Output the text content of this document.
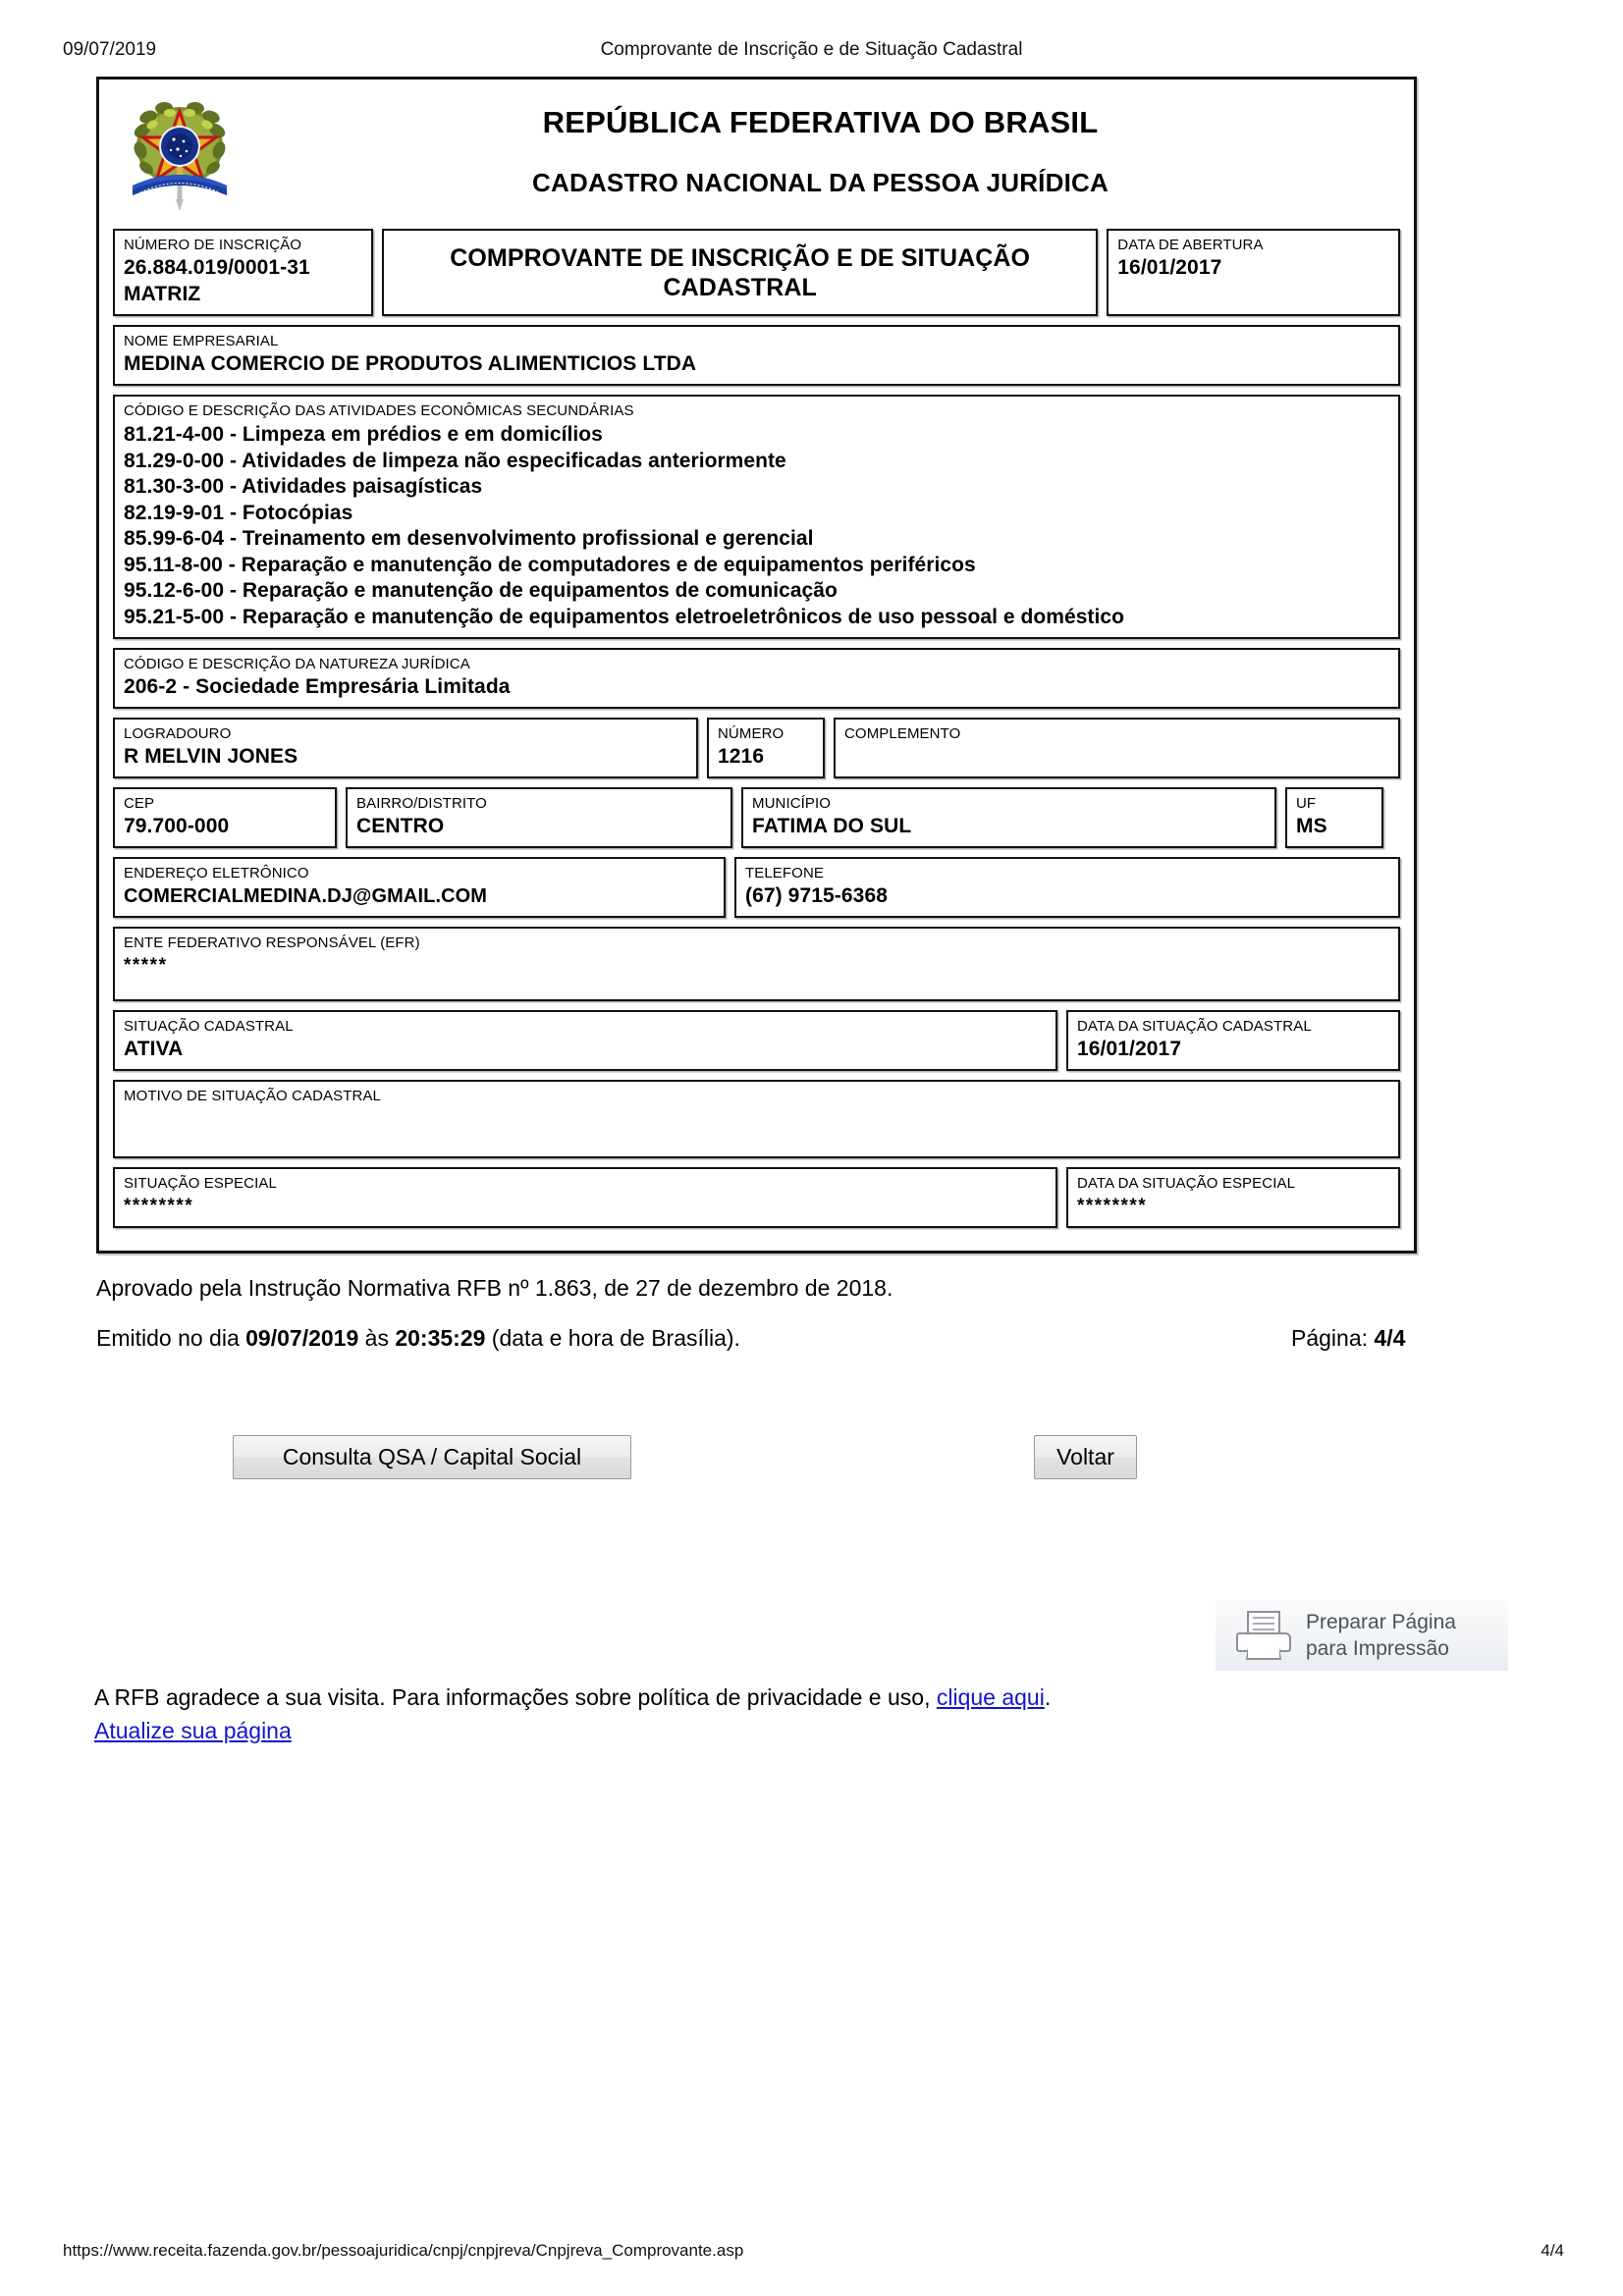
09/07/2019	Comprovante de Inscrição e de Situação Cadastral
REPÚBLICA FEDERATIVA DO BRASIL
CADASTRO NACIONAL DA PESSOA JURÍDICA
NÚMERO DE INSCRIÇÃO
26.884.019/0001-31
MATRIZ
COMPROVANTE DE INSCRIÇÃO E DE SITUAÇÃO CADASTRAL
DATA DE ABERTURA
16/01/2017
NOME EMPRESARIAL
MEDINA COMERCIO DE PRODUTOS ALIMENTICIOS LTDA
CÓDIGO E DESCRIÇÃO DAS ATIVIDADES ECONÔMICAS SECUNDÁRIAS
81.21-4-00 - Limpeza em prédios e em domicílios
81.29-0-00 - Atividades de limpeza não especificadas anteriormente
81.30-3-00 - Atividades paisagísticas
82.19-9-01 - Fotocópias
85.99-6-04 - Treinamento em desenvolvimento profissional e gerencial
95.11-8-00 - Reparação e manutenção de computadores e de equipamentos periféricos
95.12-6-00 - Reparação e manutenção de equipamentos de comunicação
95.21-5-00 - Reparação e manutenção de equipamentos eletroeletrônicos de uso pessoal e doméstico
CÓDIGO E DESCRIÇÃO DA NATUREZA JURÍDICA
206-2 - Sociedade Empresária Limitada
LOGRADOURO
R MELVIN JONES
NÚMERO
1216
COMPLEMENTO
CEP
79.700-000
BAIRRO/DISTRITO
CENTRO
MUNICÍPIO
FATIMA DO SUL
UF
MS
ENDEREÇO ELETRÔNICO
COMERCIALMEDINA.DJ@GMAIL.COM
TELEFONE
(67) 9715-6368
ENTE FEDERATIVO RESPONSÁVEL (EFR)
*****
SITUAÇÃO CADASTRAL
ATIVA
DATA DA SITUAÇÃO CADASTRAL
16/01/2017
MOTIVO DE SITUAÇÃO CADASTRAL
SITUAÇÃO ESPECIAL
********
DATA DA SITUAÇÃO ESPECIAL
********
Aprovado pela Instrução Normativa RFB nº 1.863, de 27 de dezembro de 2018.
Emitido no dia 09/07/2019 às 20:35:29 (data e hora de Brasília).	Página: 4/4
Consulta QSA / Capital Social	Voltar
Preparar Página
para Impressão
A RFB agradece a sua visita. Para informações sobre política de privacidade e uso, clique aqui.
Atualize sua página
https://www.receita.fazenda.gov.br/pessoajuridica/cnpj/cnpjreva/Cnpjreva_Comprovante.asp	4/4
